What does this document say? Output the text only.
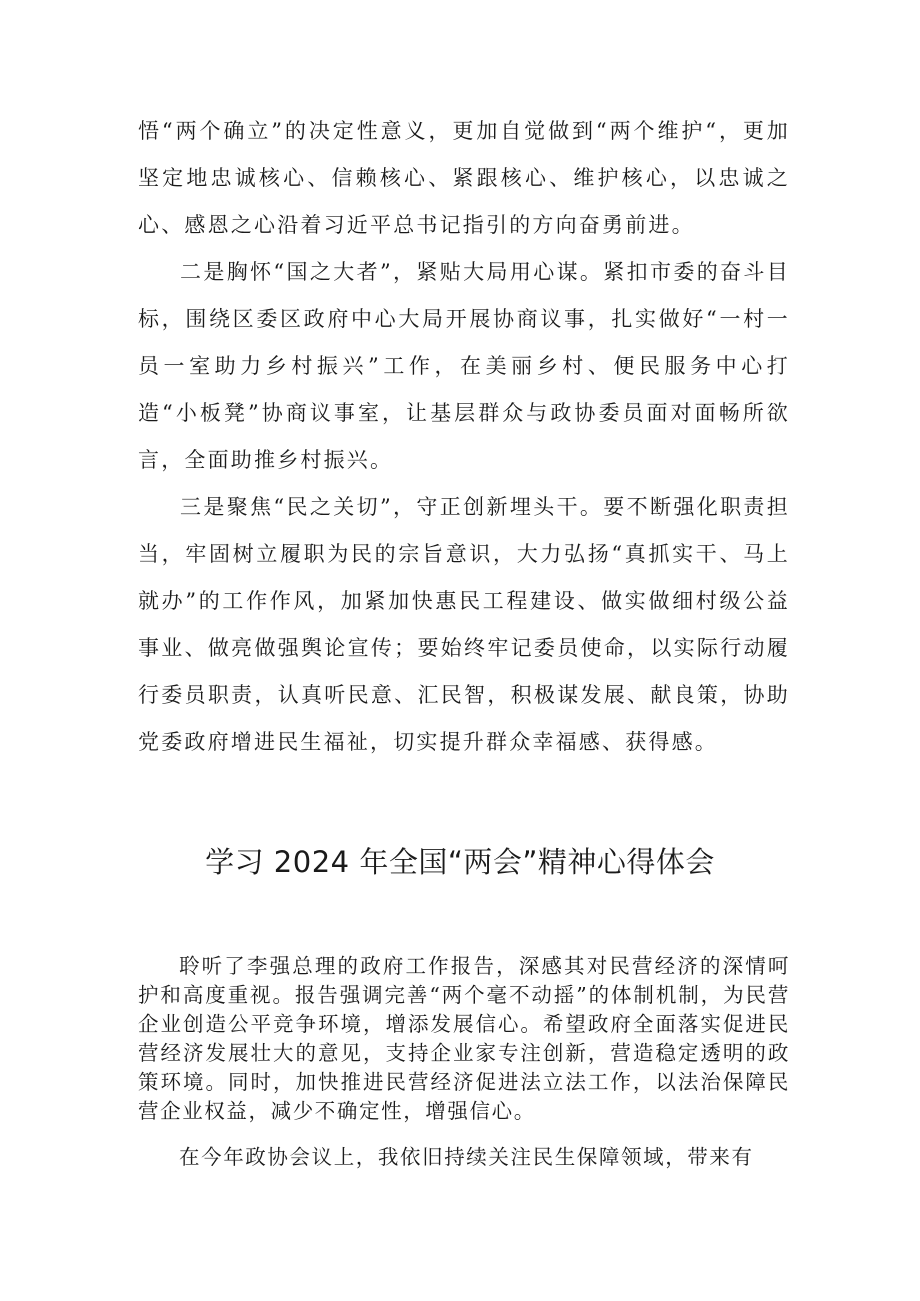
悟“两个确立”的决定性意义，更加自觉做到“两个维护“，更加坚定地忠诚核心、信赖核心、紧跟核心、维护核心，以忠诚之心、感恩之心沿着习近平总书记指引的方向奋勇前进。

二是胸怀“国之大者”，紧贴大局用心谋。紧扣市委的奋斗目标，围绕区委区政府中心大局开展协商议事，扎实做好“一村一员一室助力乡村振兴”工作，在美丽乡村、便民服务中心打造“小板凳”协商议事室，让基层群众与政协委员面对面畅所欲言，全面助推乡村振兴。

三是聚焦“民之关切”，守正创新埋头干。要不断强化职责担当，牢固树立履职为民的宗旨意识，大力弘扬“真抓实干、马上就办”的工作作风，加紧加快惠民工程建设、做实做细村级公益事业、做亮做强舆论宣传；要始终牢记委员使命，以实际行动履行委员职责，认真听民意、汇民智，积极谋发展、献良策，协助党委政府增进民生福祉，切实提升群众幸福感、获得感。

学习 2024 年全国“两会”精神心得体会

聆听了李强总理的政府工作报告，深感其对民营经济的深情呵护和高度重视。报告强调完善“两个毫不动摇”的体制机制，为民营企业创造公平竞争环境，增添发展信心。希望政府全面落实促进民营经济发展壮大的意见，支持企业家专注创新，营造稳定透明的政策环境。同时，加快推进民营经济促进法立法工作，以法治保障民营企业权益，减少不确定性，增强信心。

在今年政协会议上，我依旧持续关注民生保障领域，带来有
